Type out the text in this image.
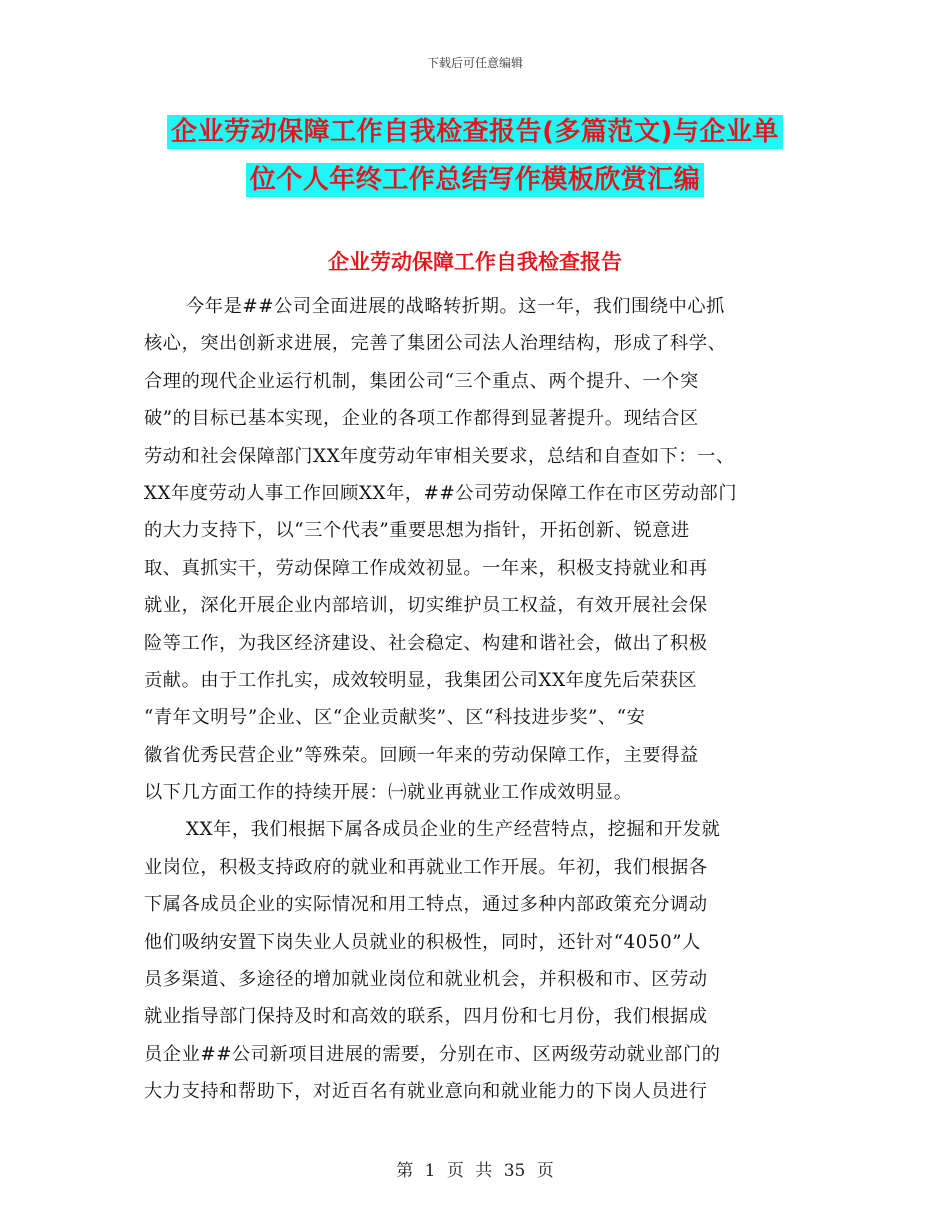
下载后可任意编辑
企业劳动保障工作自我检查报告(多篇范文)与企业单
位个人年终工作总结写作模板欣赏汇编
企业劳动保障工作自我检查报告
今年是##公司全面进展的战略转折期。这一年，我们围绕中心抓
核心，突出创新求进展，完善了集团公司法人治理结构，形成了科学、
合理的现代企业运行机制，集团公司“三个重点、两个提升、一个突
破”的目标已基本实现，企业的各项工作都得到显著提升。现结合区
劳动和社会保障部门XX年度劳动年审相关要求，总结和自查如下：一、
XX年度劳动人事工作回顾XX年，##公司劳动保障工作在市区劳动部门
的大力支持下，以“三个代表”重要思想为指针，开拓创新、锐意进
取、真抓实干，劳动保障工作成效初显。一年来，积极支持就业和再
就业，深化开展企业内部培训，切实维护员工权益，有效开展社会保
险等工作，为我区经济建设、社会稳定、构建和谐社会，做出了积极
贡献。由于工作扎实，成效较明显，我集团公司XX年度先后荣获区
“青年文明号”企业、区“企业贡献奖”、区“科技进步奖”、“安
徽省优秀民营企业”等殊荣。回顾一年来的劳动保障工作，主要得益
以下几方面工作的持续开展：㈠就业再就业工作成效明显。
XX年，我们根据下属各成员企业的生产经营特点，挖掘和开发就
业岗位，积极支持政府的就业和再就业工作开展。年初，我们根据各
下属各成员企业的实际情况和用工特点，通过多种内部政策充分调动
他们吸纳安置下岗失业人员就业的积极性，同时，还针对“4050”人
员多渠道、多途径的增加就业岗位和就业机会，并积极和市、区劳动
就业指导部门保持及时和高效的联系，四月份和七月份，我们根据成
员企业##公司新项目进展的需要，分别在市、区两级劳动就业部门的
大力支持和帮助下，对近百名有就业意向和就业能力的下岗人员进行
第 1 页 共 35 页
